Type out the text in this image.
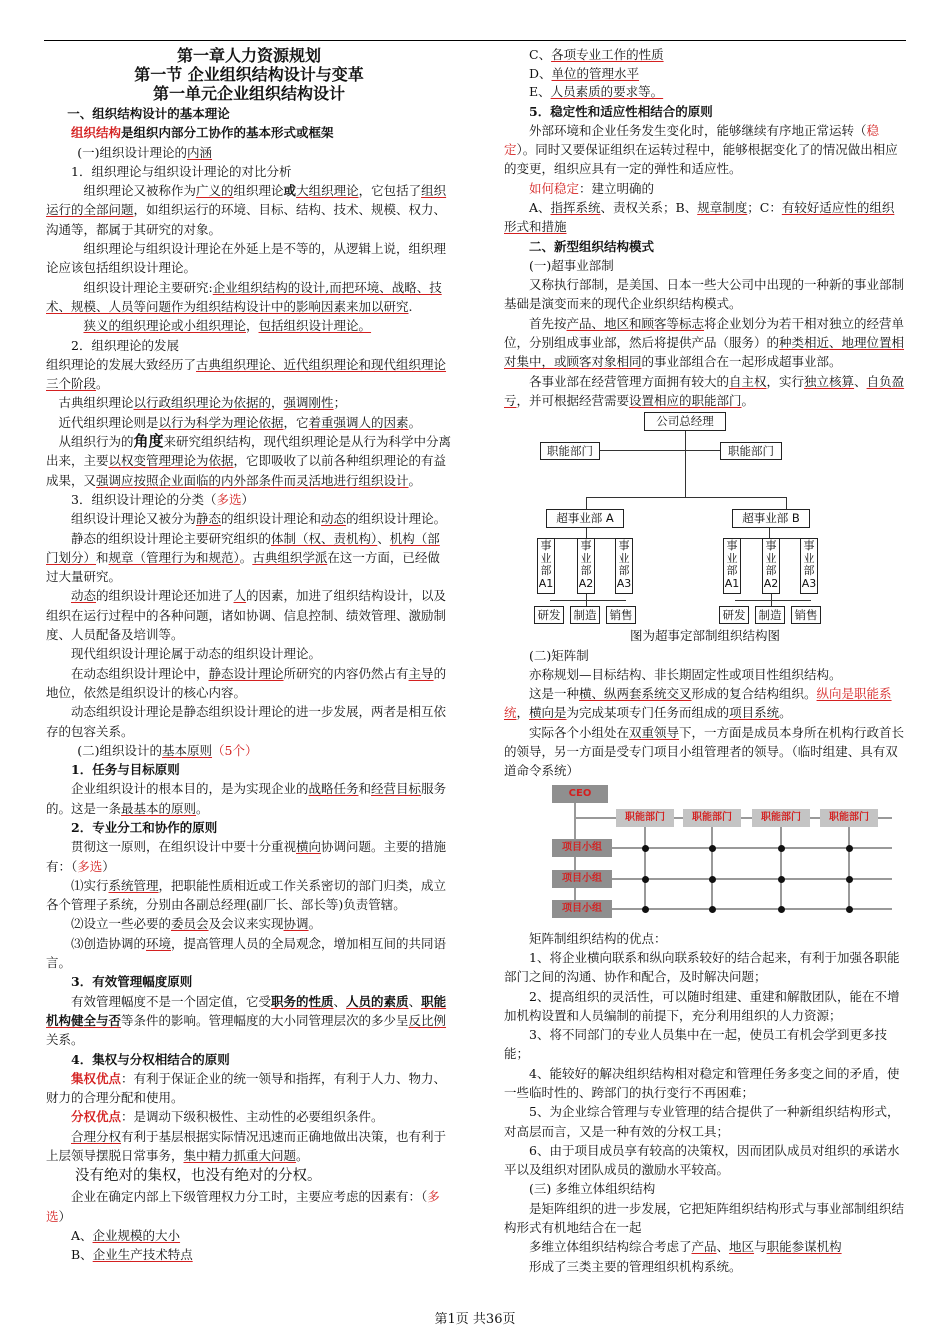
第一章人力资源规划

第一节 企业组织结构设计与变革

第一单元企业组织结构设计

一、组织结构设计的基本理论

组织结构是组织内部分工协作的基本形式或框架

(一)组织设计理论的内涵

1．组织理论与组织设计理论的对比分析

组织理论又被称作为广义的组织理论或大组织理论，它包括了组织运行的全部问题，如组织运行的环境、目标、结构、技术、规模、权力、沟通等，都属于其研究的对象。

组织理论与组织设计理论在外延上是不等的，从逻辑上说，组织理论应该包括组织设计理论。

组织设计理论主要研究:企业组织结构的设计,而把环境、战略、技术、规模、人员等问题作为组织结构设计中的影响因素来加以研究.

狭义的组织理论或小组织理论，包括组织设计理论。

2．组织理论的发展

组织理论的发展大致经历了古典组织理论、近代组织理论和现代组织理论三个阶段。

古典组织理论以行政组织理论为依据的，强调刚性；

近代组织理论则是以行为科学为理论依据，它着重强调人的因素。

从组织行为的角度来研究组织结构，现代组织理论是从行为科学中分离出来，主要以权变管理理论为依据，它即吸收了以前各种组织理论的有益成果，又强调应按照企业面临的内外部条件而灵活地进行组织设计。

3．组织设计理论的分类（多选）

组织设计理论又被分为静态的组织设计理论和动态的组织设计理论。

静态的组织设计理论主要研究组织的体制（权、责机构）、机构（部门划分）和规章（管理行为和规范）。古典组织学派在这一方面，已经做过大量研究。

动态的组织设计理论还加进了人的因素，加进了组织结构设计，以及组织在运行过程中的各种问题，诸如协调、信息控制、绩效管理、激励制度、人员配备及培训等。

现代组织设计理论属于动态的组织设计理论。

在动态组织设计理论中，静态设计理论所研究的内容仍然占有主导的地位，依然是组织设计的核心内容。

动态组织设计理论是静态组织设计理论的进一步发展，两者是相互依存的包容关系。

(二)组织设计的基本原则（5个）

1．任务与目标原则

企业组织设计的根本目的，是为实现企业的战略任务和经营目标服务的。这是一条最基本的原则。

2．专业分工和协作的原则

贯彻这一原则，在组织设计中要十分重视横向协调问题。主要的措施有：（多选）

⑴实行系统管理，把职能性质相近或工作关系密切的部门归类，成立各个管理子系统，分别由各副总经理(副厂长、部长等)负责管辖。

⑵设立一些必要的委员会及会议来实现协调。

⑶创造协调的环境，提高管理人员的全局观念，增加相互间的共同语言。

3．有效管理幅度原则

有效管理幅度不是一个固定值，它受职务的性质、人员的素质、职能机构健全与否等条件的影响。管理幅度的大小同管理层次的多少呈反比例关系。

4．集权与分权相结合的原则

集权优点：有利于保证企业的统一领导和指挥，有利于人力、物力、财力的合理分配和使用。

分权优点：是调动下级积极性、主动性的必要组织条件。

合理分权有利于基层根据实际情况迅速而正确地做出决策，也有利于上层领导摆脱日常事务，集中精力抓重大问题。

没有绝对的集权，也没有绝对的分权。

企业在确定内部上下级管理权力分工时，主要应考虑的因素有：（多选）

A、企业规模的大小

B、企业生产技术特点

C、各项专业工作的性质

D、单位的管理水平

E、人员素质的要求等。

5．稳定性和适应性相结合的原则

外部环境和企业任务发生变化时，能够继续有序地正常运转（稳定）。同时又要保证组织在运转过程中，能够根据变化了的情况做出相应的变更，组织应具有一定的弹性和适应性。

如何稳定：建立明确的

A、指挥系统、责权关系；B、规章制度；C：有较好适应性的组织形式和措施

二、新型组织结构模式

(一)超事业部制

又称执行部制，是美国、日本一些大公司中出现的一种新的事业部制基础是演变而来的现代企业织织结构模式。

首先按产品、地区和顾客等标志将企业划分为若干相对独立的经营单位，分别组成事业部，然后将提供产品（服务）的种类相近、地理位置相对集中，或顾客对象相同的事业部组合在一起形成超事业部。

各事业部在经营管理方面拥有较大的自主权，实行独立核算、自负盈亏，并可根据经营需要设置相应的职能部门。

公司总经理
职能部门	职能部门
超事业部 A	超事业部 B
事业部A1
事业部A2
事业部A3
事业部A1
事业部A2
事业部A3
研发	制造	销售	研发	制造	销售

图为超事定部制组织结构图

(二)矩阵制

亦称规划—目标结构、非长期固定性或项目性组织结构。

这是一种横、纵两套系统交叉形成的复合结构组织。纵向是职能系统，横向是为完成某项专门任务而组成的项目系统。

实际各个小组处在双重领导下，一方面是成员本身所在机构行政首长的领导，另一方面是受专门项目小组管理者的领导。（临时组建、具有双道命令系统）

CEO
职能部门	职能部门	职能部门	职能部门
项目小组
项目小组
项目小组

矩阵制组织结构的优点：

1、将企业横向联系和纵向联系较好的结合起来，有利于加强各职能部门之间的沟通、协作和配合，及时解决问题；

2、提高组织的灵活性，可以随时组建、重建和解散团队，能在不增加机构设置和人员编制的前提下，充分利用组织的人力资源；

3、将不同部门的专业人员集中在一起，使员工有机会学到更多技能；

4、能较好的解决组织结构相对稳定和管理任务多变之间的矛盾，使一些临时性的、跨部门的执行变行不再困难；

5、为企业综合管理与专业管理的结合提供了一种新组织结构形式，对高层而言，又是一种有效的分权工具；

6、由于项目成员享有较高的决策权，因而团队成员对组织的承诺水平以及组织对团队成员的激励水平较高。

(三) 多维立体组织结构

是矩阵组织的进一步发展，它把矩阵组织结构形式与事业部制组织结构形式有机地结合在一起

多维立体组织结构综合考虑了产品、地区与职能参谋机构

形成了三类主要的管理组织机构系统。

第1页 共36页
